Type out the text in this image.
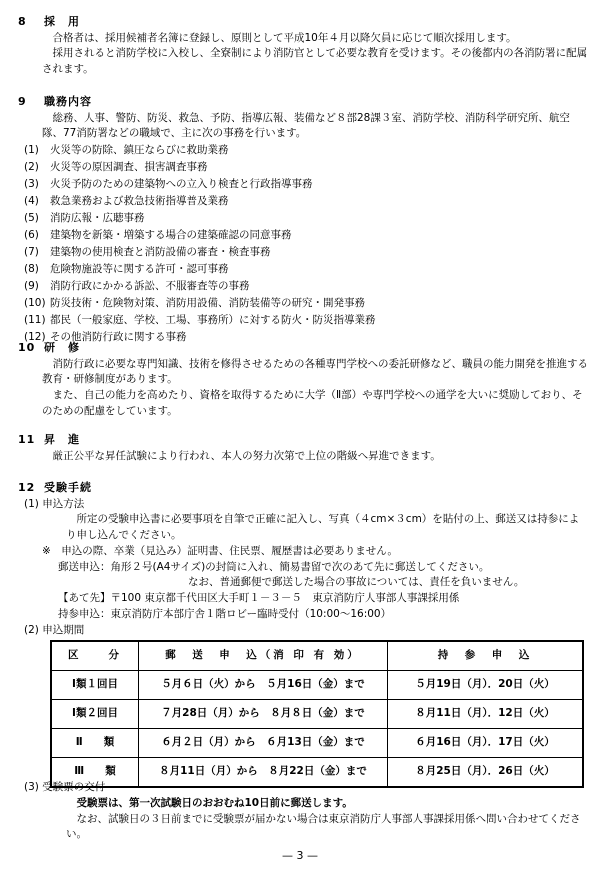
8 採　用

合格者は、採用候補者名簿に登録し、原則として平成10年４月以降欠員に応じて順次採用します。

採用されると消防学校に入校し、全寮制により消防官として必要な教育を受けます。その後都内の各消防署に配属されます。

9 職務内容

総務、人事、警防、防災、救急、予防、指導広報、装備など８部28課３室、消防学校、消防科学研究所、航空隊、77消防署などの職域で、主に次の事務を行います。

(1)	火災等の防除、鎮圧ならびに救助業務
(2)	火災等の原因調査、損害調査事務
(3)	火災予防のための建築物への立入り検査と行政指導事務
(4)	救急業務および救急技術指導普及業務
(5)	消防広報・広聴事務
(6)	建築物を新築・増築する場合の建築確認の同意事務
(7)	建築物の使用検査と消防設備の審査・検査事務
(8)	危険物施設等に関する許可・認可事務
(9)	消防行政にかかる訴訟、不服審査等の事務
(10) 防災技術・危険物対策、消防用設備、消防装備等の研究・開発事務
(11) 都民（一般家庭、学校、工場、事務所）に対する防火・防災指導業務
(12) その他消防行政に関する事務
10 研　修

消防行政に必要な専門知識、技術を修得させるための各種専門学校への委託研修など、職員の能力開発を推進する教育・研修制度があります。

また、自己の能力を高めたり、資格を取得するために大学（Ⅱ部）や専門学校への通学を大いに奨励しており、そのための配慮をしています。

11 昇　進

厳正公平な昇任試験により行われ、本人の努力次第で上位の階級へ昇進できます。

12 受験手続
(1) 申込方法

所定の受験申込書に必要事項を自筆で正確に記入し、写真（４cm×３cm）を貼付の上、郵送又は持参により申し込んでください。

※　申込の際、卒業（見込み）証明書、住民票、履歴書は必要ありません。
郵送申込：角形２号(A4サイズ)の封筒に入れ、簡易書留で次のあて先に郵送してください。
なお、普通郵便で郵送した場合の事故については、責任を負いません。
【あて先】〒100 東京都千代田区大手町１－３－５　東京消防庁人事部人事課採用係
持参申込：東京消防庁本部庁舎１階ロビー臨時受付（10:00～16:00）
(2) 申込期間
区　　分	郵　送　申　込（消 印 有 効）	持　参　申　込
Ⅰ類１回目	５月６日（火）から　５月16日（金）まで	５月19日（月）．20日（火）
Ⅰ類２回目	７月28日（月）から　８月８日（金）まで	８月11日（月）．12日（火）
Ⅱ　　類	６月２日（月）から　６月13日（金）まで	６月16日（月）．17日（火）
Ⅲ　　類	８月11日（月）から　８月22日（金）まで	８月25日（月）．26日（火）
(3) 受験票の交付

受験票は、第一次試験日のおおむね10日前に郵送します。

なお、試験日の３日前までに受験票が届かない場合は東京消防庁人事部人事課採用係へ問い合わせてください。

— 3 —
